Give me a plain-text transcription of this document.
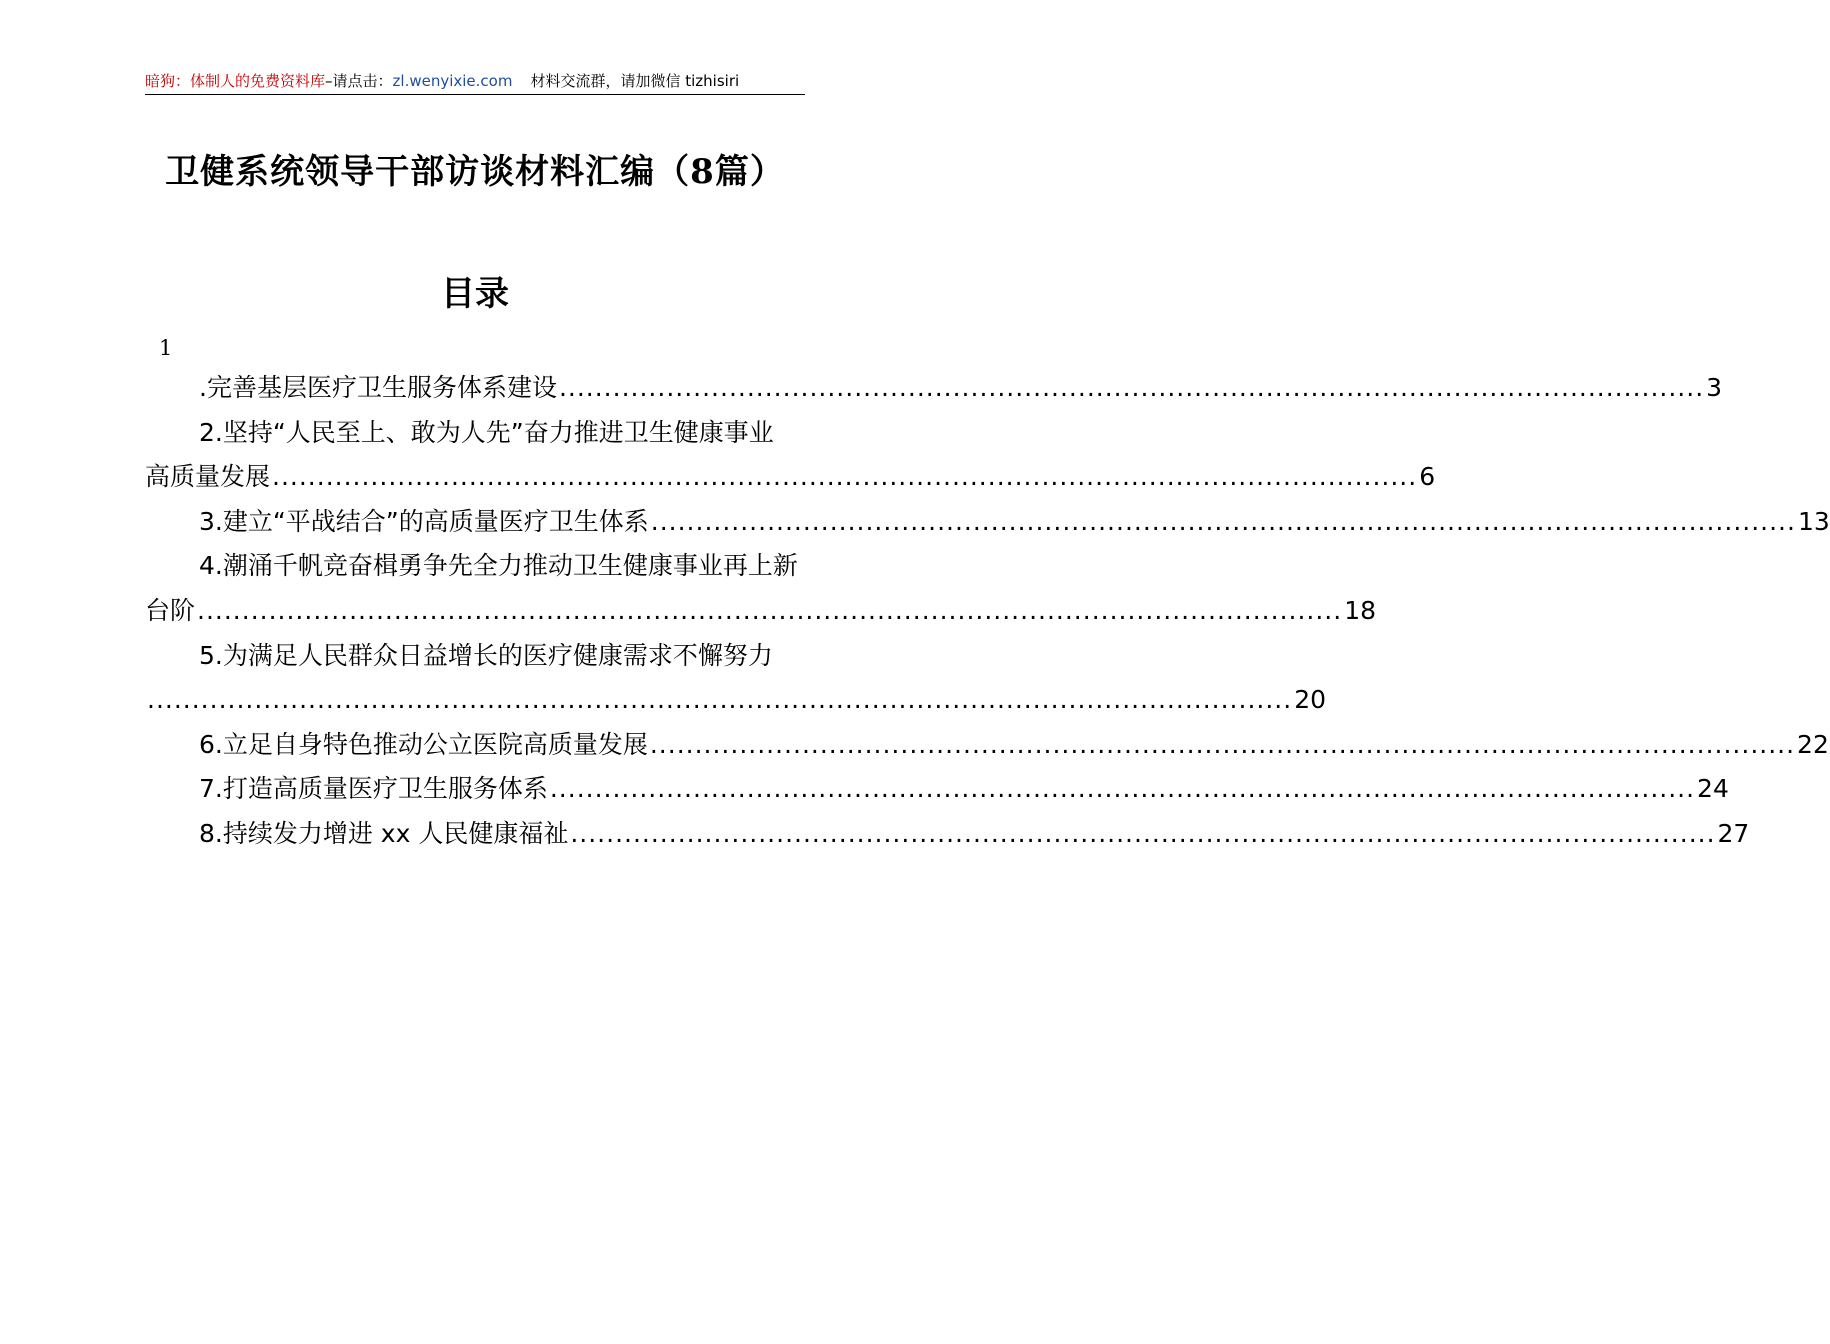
暗狗：体制人的免费资料库–请点击：zl.wenyixie.com 材料交流群，请加微信 tizhisiri
卫健系统领导干部访谈材料汇编（8篇）
目录
1
.完善基层医疗卫生服务体系建设 ................................................................................................................................ 3
2.坚持“人民至上、敢为人先”奋力推进卫生健康事业
高质量发展 ................................................................................................................................ 6
3.建立“平战结合”的高质量医疗卫生体系 ................................................................................................................................ 13
4.潮涌千帆竞奋楫勇争先全力推动卫生健康事业再上新
台阶 ................................................................................................................................ 18
5.为满足人民群众日益增长的医疗健康需求不懈努力
................................................................................................................................ 20
6.立足自身特色推动公立医院高质量发展 ................................................................................................................................ 22
7.打造高质量医疗卫生服务体系 ................................................................................................................................ 24
8.持续发力增进 xx 人民健康福祉 ................................................................................................................................ 27
